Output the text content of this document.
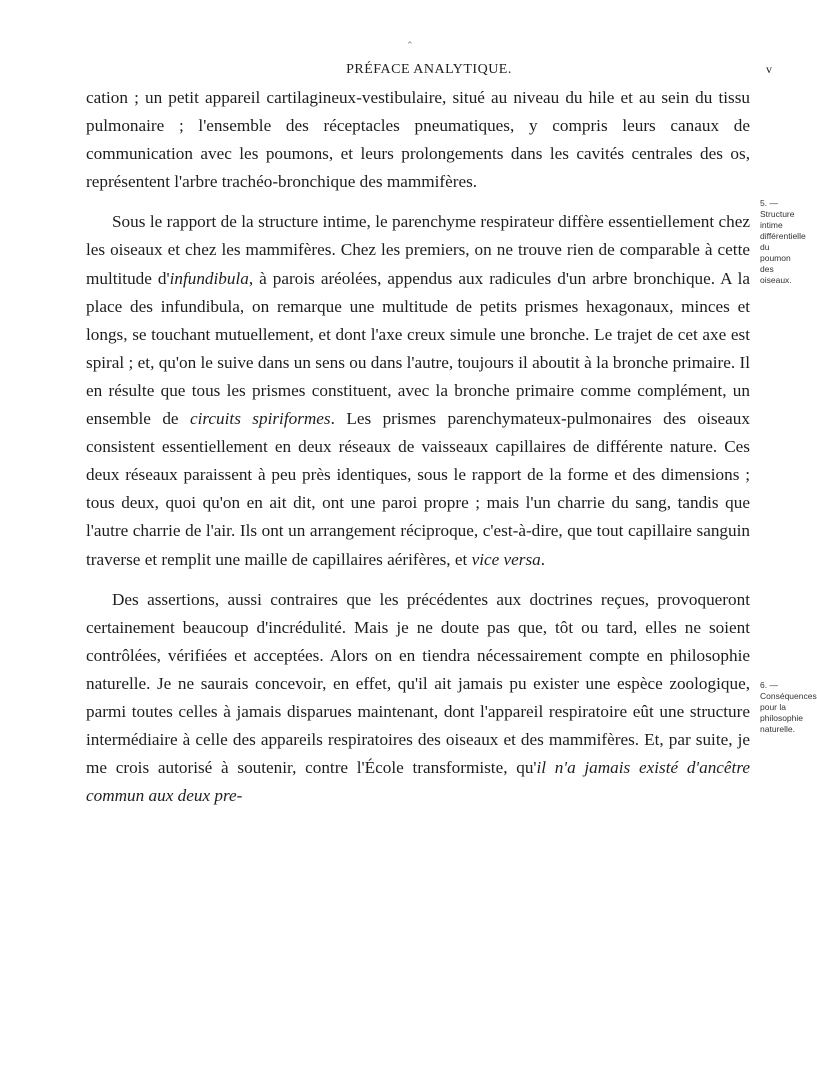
⌃
PRÉFACE ANALYTIQUE.	v

cation ; un petit appareil cartilagineux-vestibulaire, situé au niveau du hile et au sein du tissu pulmonaire ; l'ensemble des réceptacles pneumatiques, y compris leurs canaux de communication avec les poumons, et leurs prolongements dans les cavités centrales des os, représentent l'arbre trachéo-bronchique des mammifères.

Sous le rapport de la structure intime, le parenchyme respirateur diffère essentiellement chez les oiseaux et chez les mammifères. Chez les premiers, on ne trouve rien de comparable à cette multitude d'infundibula, à parois aréolées, appendus aux radicules d'un arbre bronchique. A la place des infundibula, on remarque une multitude de petits prismes hexagonaux, minces et longs, se touchant mutuellement, et dont l'axe creux simule une bronche. Le trajet de cet axe est spiral ; et, qu'on le suive dans un sens ou dans l'autre, toujours il aboutit à la bronche primaire. Il en résulte que tous les prismes constituent, avec la bronche primaire comme complément, un ensemble de circuits spiriformes. Les prismes parenchymateux-pulmonaires des oiseaux consistent essentiellement en deux réseaux de vaisseaux capillaires de différente nature. Ces deux réseaux paraissent à peu près identiques, sous le rapport de la forme et des dimensions ; tous deux, quoi qu'on en ait dit, ont une paroi propre ; mais l'un charrie du sang, tandis que l'autre charrie de l'air. Ils ont un arrangement réciproque, c'est-à-dire, que tout capillaire sanguin traverse et remplit une maille de capillaires aérifères, et vice versa.

Des assertions, aussi contraires que les précédentes aux doctrines reçues, provoqueront certainement beaucoup d'incrédulité. Mais je ne doute pas que, tôt ou tard, elles ne soient contrôlées, vérifiées et acceptées. Alors on en tiendra nécessairement compte en philosophie naturelle. Je ne saurais concevoir, en effet, qu'il ait jamais pu exister une espèce zoologique, parmi toutes celles à jamais disparues maintenant, dont l'appareil respiratoire eût une structure intermédiaire à celle des appareils respiratoires des oiseaux et des mammifères. Et, par suite, je me crois autorisé à soutenir, contre l'École transformiste, qu'il n'a jamais existé d'ancêtre commun aux deux pre-

5. — Structure intime différentielle du poumon des oiseaux.
6. — Conséquences pour la philosophie naturelle.
